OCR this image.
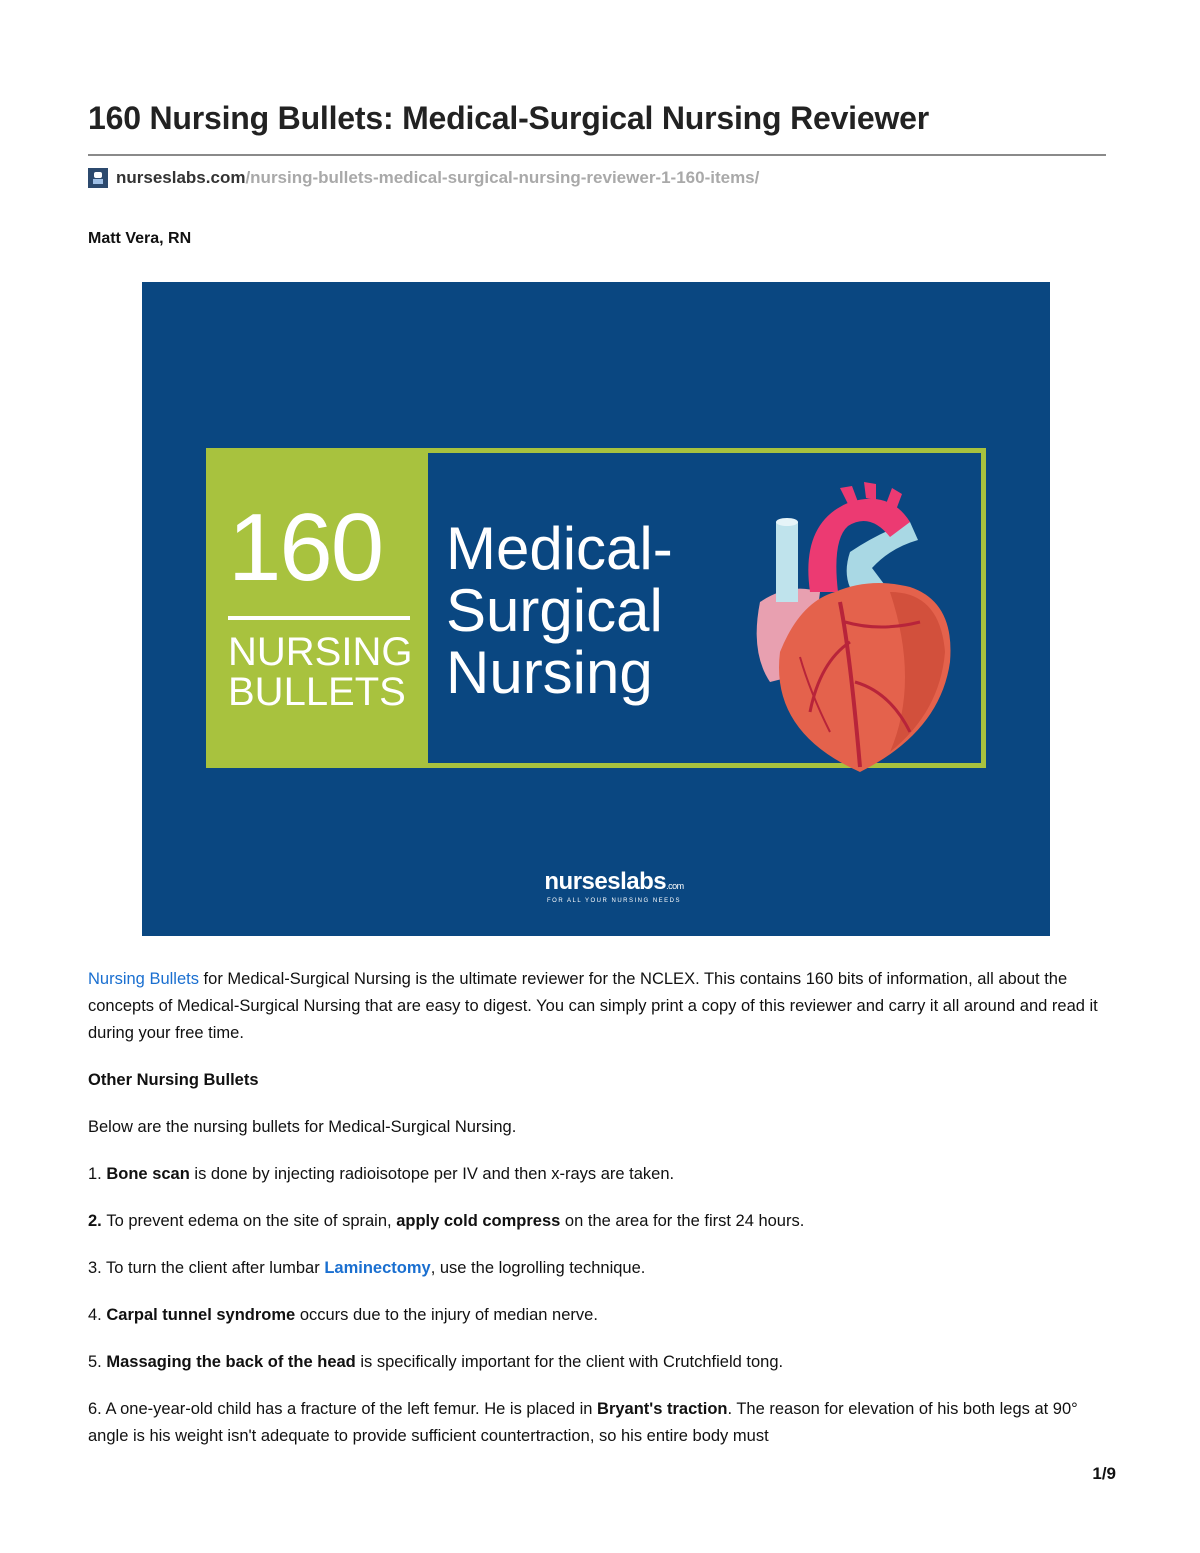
160 Nursing Bullets: Medical-Surgical Nursing Reviewer
nurseslabs.com /nursing-bullets-medical-surgical-nursing-reviewer-1-160-items/
Matt Vera, RN

160

NURSING
BULLETS
Medical-
Surgical
Nursing
nurseslabs.com
FOR ALL YOUR NURSING NEEDS

Nursing Bullets for Medical-Surgical Nursing is the ultimate reviewer for the NCLEX. This contains 160 bits of information, all about the concepts of Medical-Surgical Nursing that are easy to digest. You can simply print a copy of this reviewer and carry it all around and read it during your free time.

Other Nursing Bullets

Below are the nursing bullets for Medical-Surgical Nursing.

1. Bone scan is done by injecting radioisotope per IV and then x-rays are taken.

2. To prevent edema on the site of sprain, apply cold compress on the area for the first 24 hours.

3. To turn the client after lumbar Laminectomy, use the logrolling technique.

4. Carpal tunnel syndrome occurs due to the injury of median nerve.

5. Massaging the back of the head is specifically important for the client with Crutchfield tong.

6. A one-year-old child has a fracture of the left femur. He is placed in Bryant's traction. The reason for elevation of his both legs at 90° angle is his weight isn't adequate to provide sufficient countertraction, so his entire body must

1/9
